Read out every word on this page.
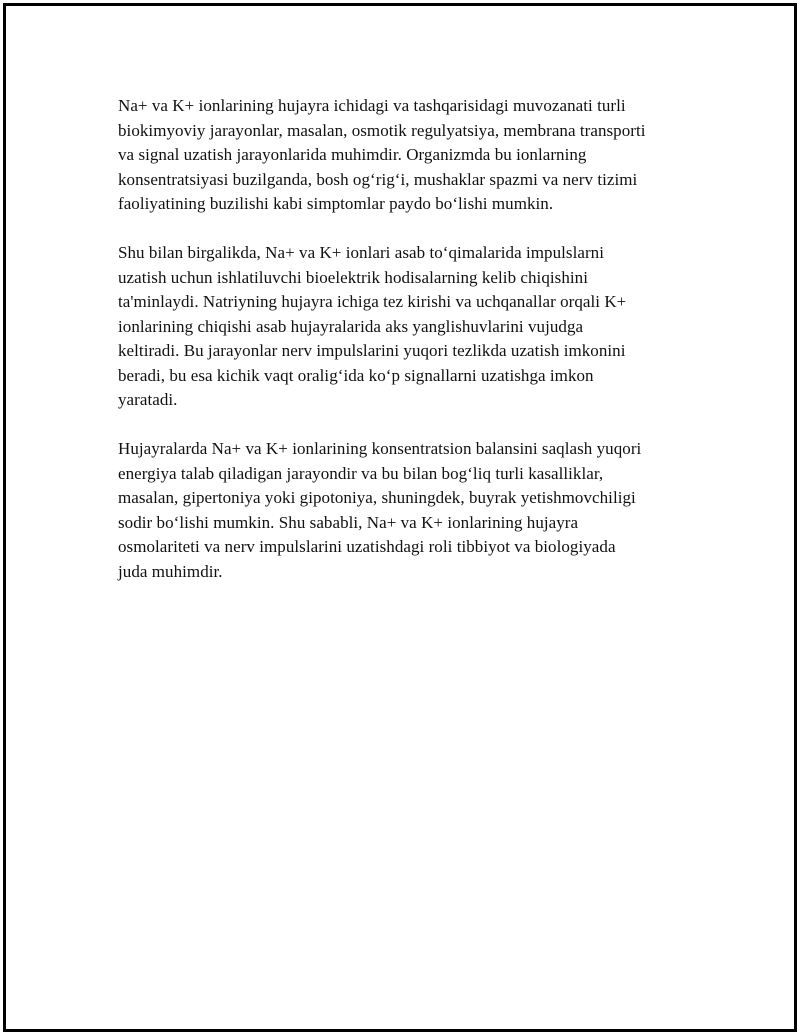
Na+ va K+ ionlarining hujayra ichidagi va tashqarisidagi muvozanati turli
biokimyoviy jarayonlar, masalan, osmotik regulyatsiya, membrana transporti
va signal uzatish jarayonlarida muhimdir. Organizmda bu ionlarning
konsentratsiyasi buzilganda, bosh og‘rig‘i, mushaklar spazmi va nerv tizimi
faoliyatining buzilishi kabi simptomlar paydo bo‘lishi mumkin.

Shu bilan birgalikda, Na+ va K+ ionlari asab to‘qimalarida impulslarni
uzatish uchun ishlatiluvchi bioelektrik hodisalarning kelib chiqishini
ta'minlaydi. Natriyning hujayra ichiga tez kirishi va uchqanallar orqali K+
ionlarining chiqishi asab hujayralarida aks yanglishuvlarini vujudga
keltiradi. Bu jarayonlar nerv impulslarini yuqori tezlikda uzatish imkonini
beradi, bu esa kichik vaqt oralig‘ida ko‘p signallarni uzatishga imkon
yaratadi.

Hujayralarda Na+ va K+ ionlarining konsentratsion balansini saqlash yuqori
energiya talab qiladigan jarayondir va bu bilan bog‘liq turli kasalliklar,
masalan, gipertoniya yoki gipotoniya, shuningdek, buyrak yetishmovchiligi
sodir bo‘lishi mumkin. Shu sababli, Na+ va K+ ionlarining hujayra
osmolariteti va nerv impulslarini uzatishdagi roli tibbiyot va biologiyada
juda muhimdir.
